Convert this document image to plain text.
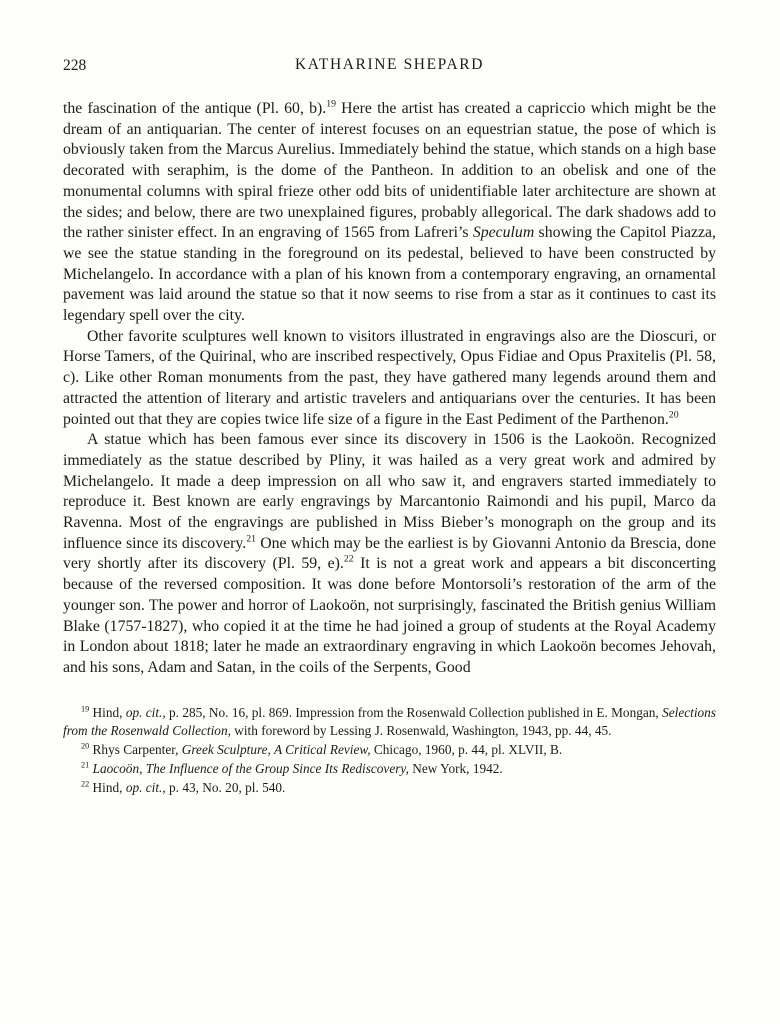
228	KATHARINE SHEPARD

the fascination of the antique (Pl. 60, b).$^{19}$ Here the artist has created a capriccio which might be the dream of an antiquarian. The center of interest focuses on an equestrian statue, the pose of which is obviously taken from the Marcus Aurelius. Immediately behind the statue, which stands on a high base decorated with seraphim, is the dome of the Pantheon. In addition to an obelisk and one of the monumental columns with spiral frieze other odd bits of unidentifiable later architecture are shown at the sides; and below, there are two unexplained figures, probably allegorical. The dark shadows add to the rather sinister effect. In an engraving of 1565 from Lafreri’s Speculum showing the Capitol Piazza, we see the statue standing in the foreground on its pedestal, believed to have been constructed by Michelangelo. In accordance with a plan of his known from a contemporary engraving, an ornamental pavement was laid around the statue so that it now seems to rise from a star as it continues to cast its legendary spell over the city.

Other favorite sculptures well known to visitors illustrated in engravings also are the Dioscuri, or Horse Tamers, of the Quirinal, who are inscribed respectively, Opus Fidiae and Opus Praxitelis (Pl. 58, c). Like other Roman monuments from the past, they have gathered many legends around them and attracted the attention of literary and artistic travelers and antiquarians over the centuries. It has been pointed out that they are copies twice life size of a figure in the East Pediment of the Parthenon.$^{20}$

A statue which has been famous ever since its discovery in 1506 is the Laokoön. Recognized immediately as the statue described by Pliny, it was hailed as a very great work and admired by Michelangelo. It made a deep impression on all who saw it, and engravers started immediately to reproduce it. Best known are early engravings by Marcantonio Raimondi and his pupil, Marco da Ravenna. Most of the engravings are published in Miss Bieber’s monograph on the group and its influence since its discovery.$^{21}$ One which may be the earliest is by Giovanni Antonio da Brescia, done very shortly after its discovery (Pl. 59, e).$^{22}$ It is not a great work and appears a bit disconcerting because of the reversed composition. It was done before Montorsoli’s restoration of the arm of the younger son. The power and horror of Laokoön, not surprisingly, fascinated the British genius William Blake (1757-1827), who copied it at the time he had joined a group of students at the Royal Academy in London about 1818; later he made an extraordinary engraving in which Laokoön becomes Jehovah, and his sons, Adam and Satan, in the coils of the Serpents, Good

$^{19}$ Hind, op. cit., p. 285, No. 16, pl. 869. Impression from the Rosenwald Collection published in E. Mongan, Selections from the Rosenwald Collection, with foreword by Lessing J. Rosenwald, Washington, 1943, pp. 44, 45.

$^{20}$ Rhys Carpenter, Greek Sculpture, A Critical Review, Chicago, 1960, p. 44, pl. XLVII, B.

$^{21}$ Laocoön, The Influence of the Group Since Its Rediscovery, New York, 1942.

$^{22}$ Hind, op. cit., p. 43, No. 20, pl. 540.
